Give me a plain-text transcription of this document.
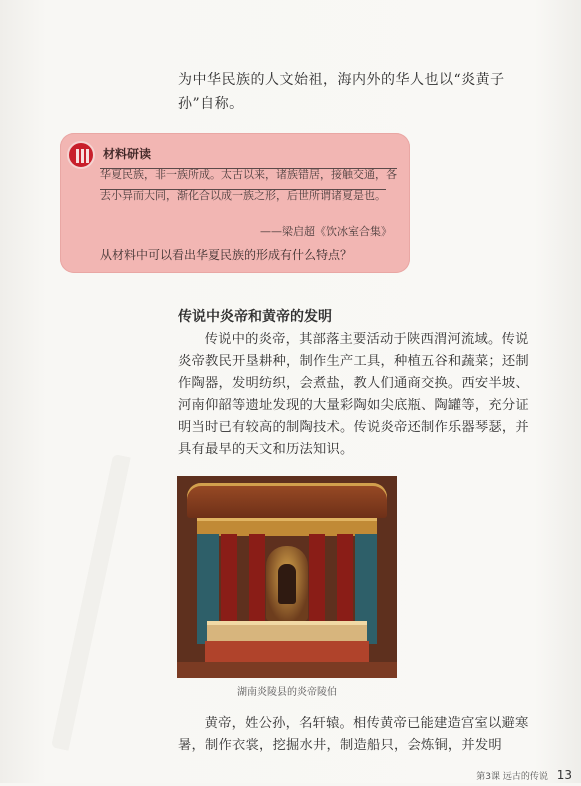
为中华民族的人文始祖，海内外的华人也以“炎黄子孙”自称。
材料研读
华夏民族，非一族所成。太古以来，诸族错居，接触交通，各去小异而大同，渐化合以成一族之形，后世所谓诸夏是也。
——梁启超《饮冰室合集》
从材料中可以看出华夏民族的形成有什么特点？
传说中炎帝和黄帝的发明
传说中的炎帝，其部落主要活动于陕西渭河流域。传说炎帝教民开垦耕种，制作生产工具，种植五谷和蔬菜；还制作陶器，发明纺织，会煮盐，教人们通商交换。西安半坡、河南仰韶等遗址发现的大量彩陶如尖底瓶、陶罐等，充分证明当时已有较高的制陶技术。传说炎帝还制作乐器琴瑟，并具有最早的天文和历法知识。
湖南炎陵县的炎帝陵伯
黄帝，姓公孙，名轩辕。相传黄帝已能建造宫室以避寒暑，制作衣裳，挖掘水井，制造船只，会炼铜，并发明
第3课 远古的传说 13
